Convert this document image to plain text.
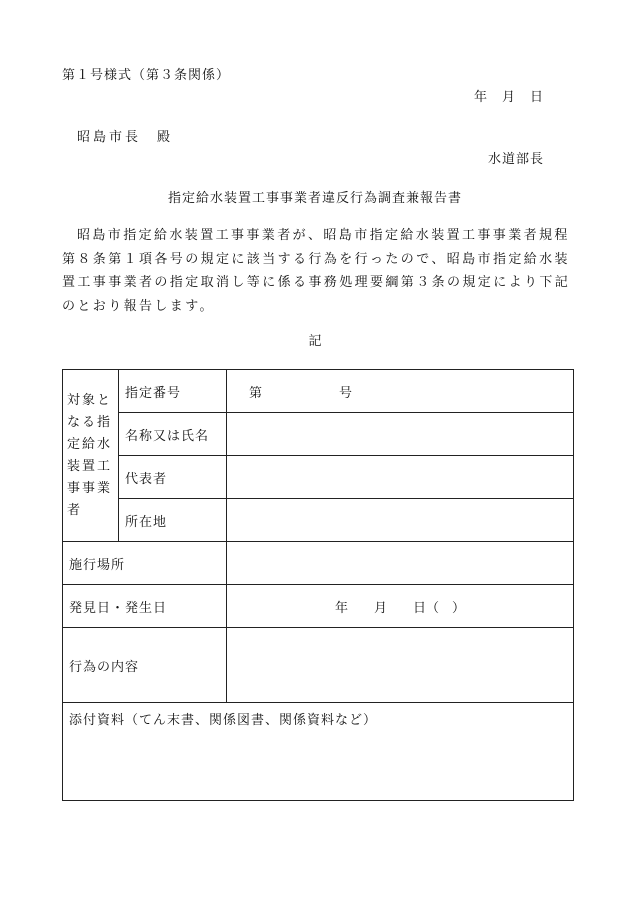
第１号様式（第３条関係）
年　月　日
昭島市長　殿
水道部長
指定給水装置工事事業者違反行為調査兼報告書
昭島市指定給水装置工事事業者が、昭島市指定給水装置工事事業者規程第８条第１項各号の規定に該当する行為を行ったので、昭島市指定給水装置工事事業者の指定取消し等に係る事務処理要綱第３条の規定により下記のとおり報告します。
記
対象となる指定給水装置工事事業者	指定番号	第 号
	名称又は氏名	
	代表者	
	所在地	
施行場所		
発見日・発生日		年 月 日（　）
行為の内容		
添付資料（てん末書、関係図書、関係資料など）		
